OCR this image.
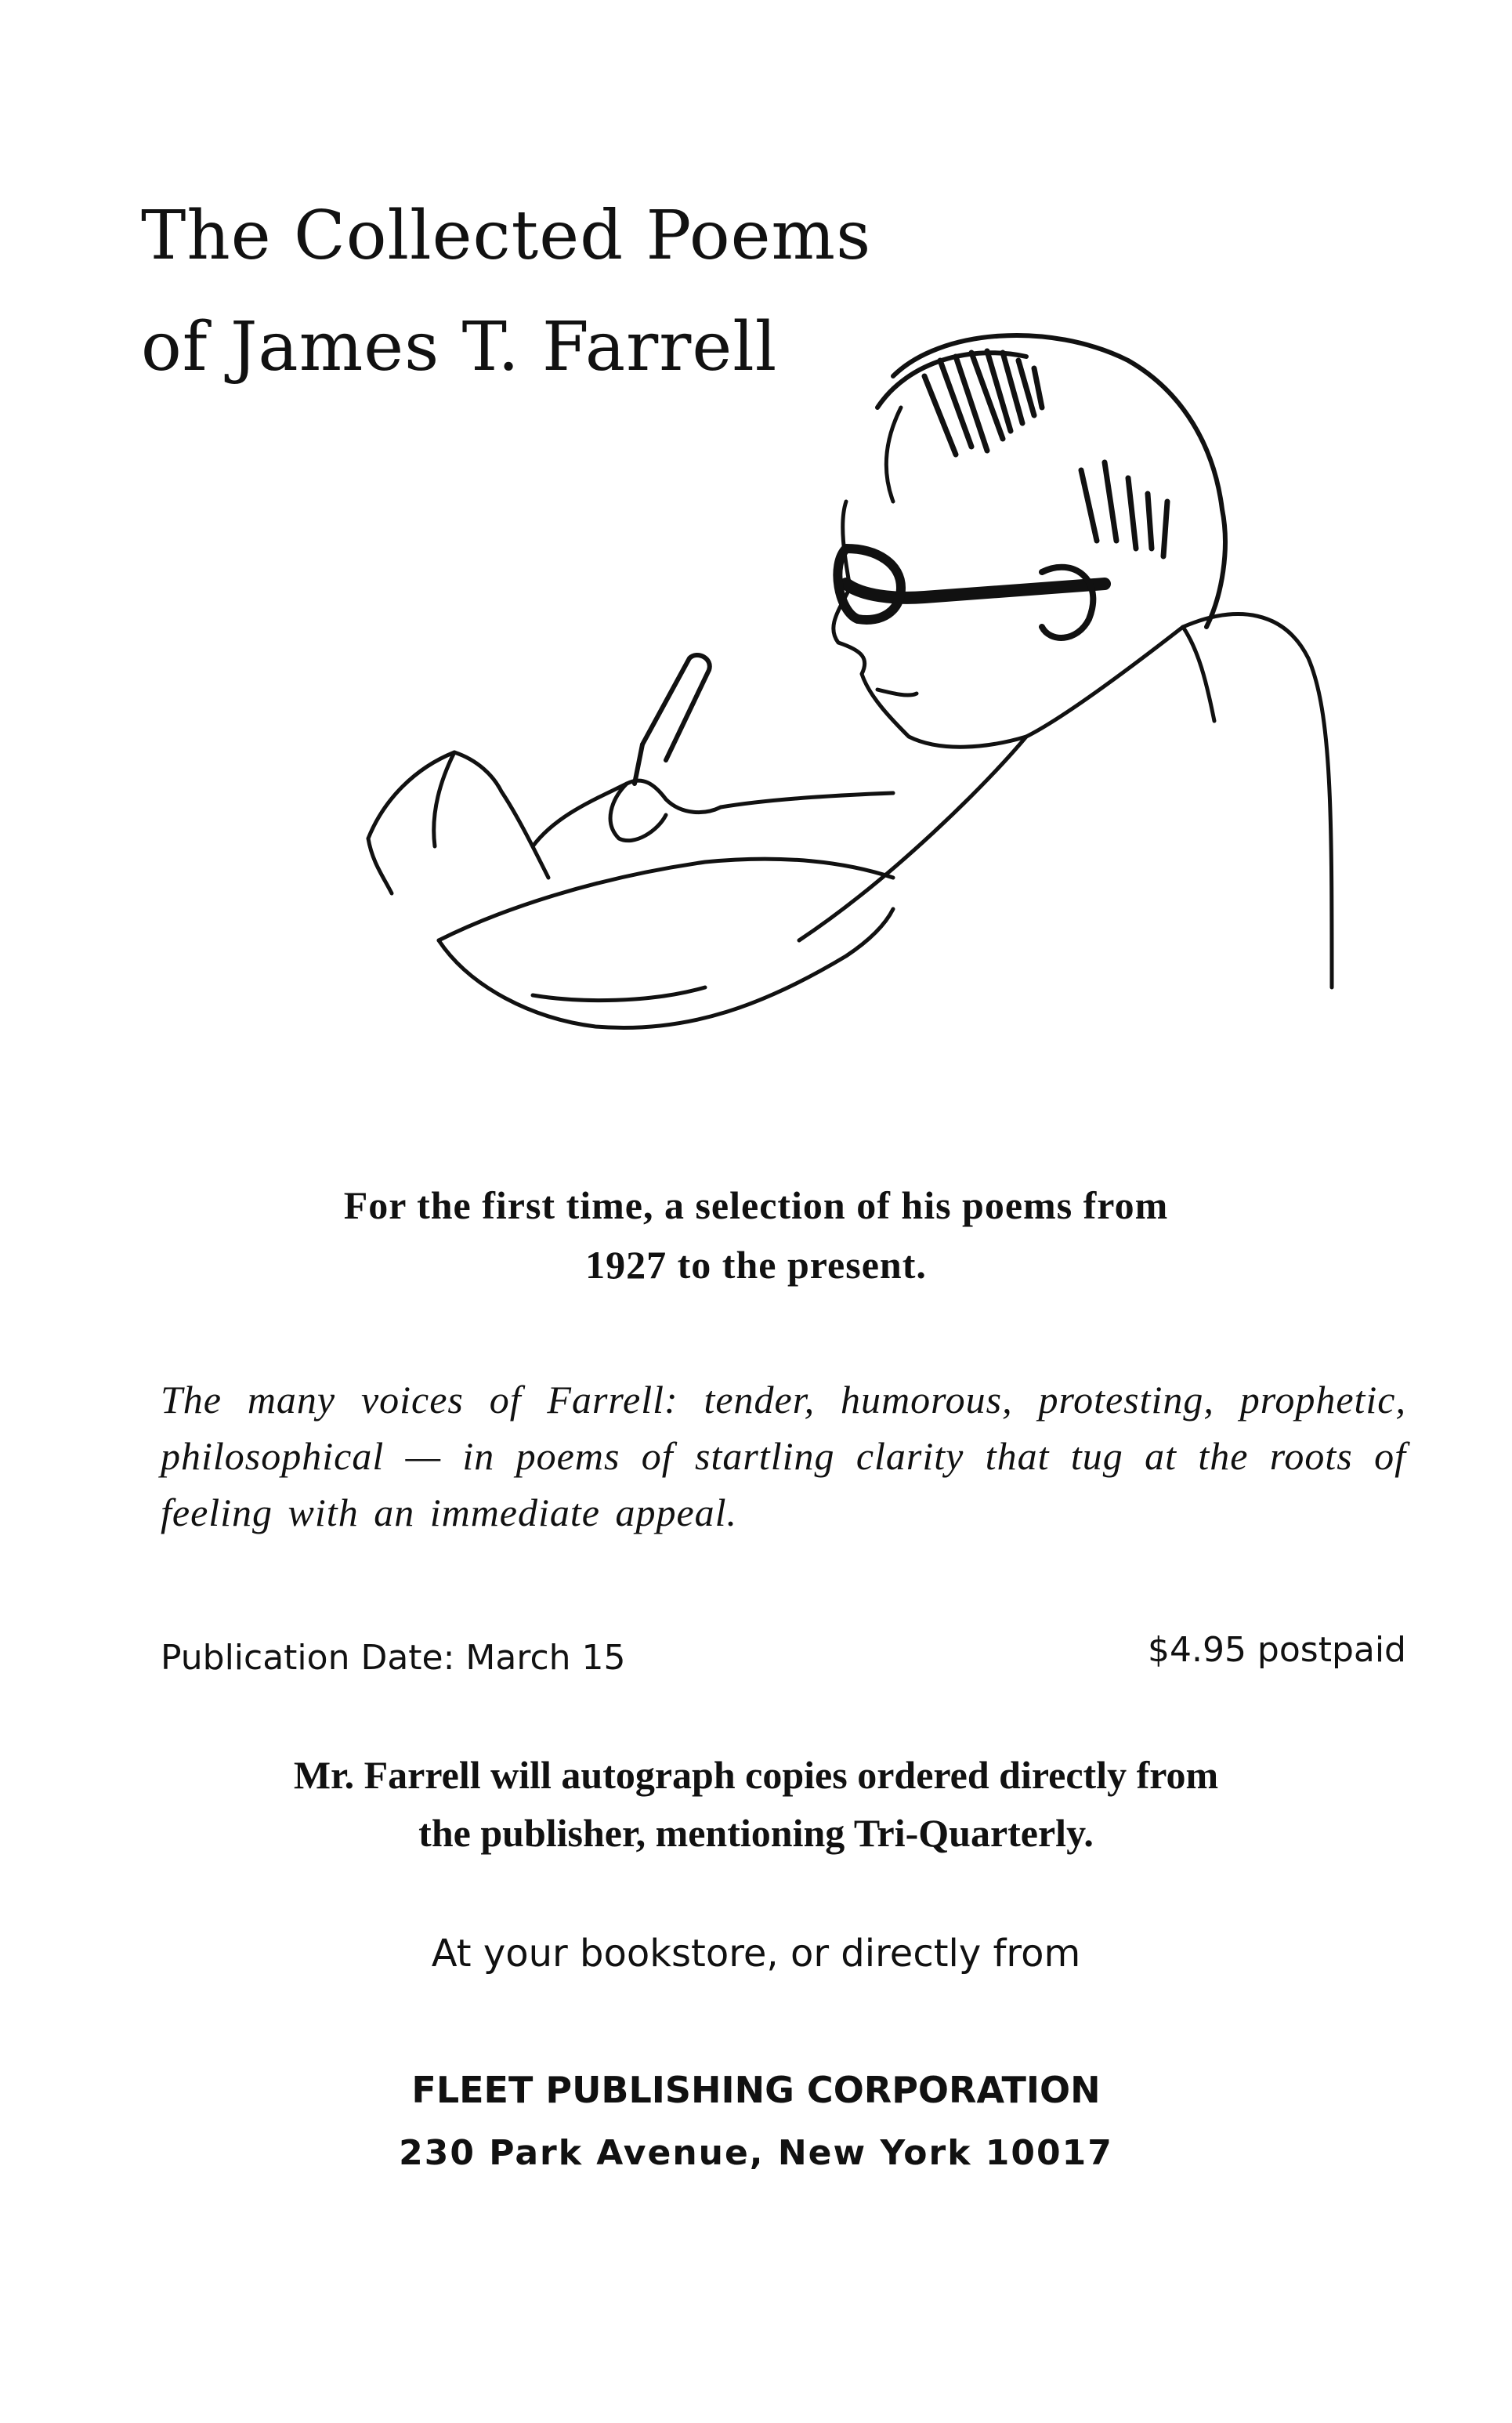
The Collected Poems
of James T. Farrell

For the first time, a selection of his poems from
1927 to the present.

The many voices of Farrell: tender, humorous, protesting, prophetic, philosophical — in poems of startling clarity that tug at the roots of feeling with an immediate appeal.

Publication Date: March 15	$4.95 postpaid

Mr. Farrell will autograph copies ordered directly from
the publisher, mentioning Tri-Quarterly.

At your bookstore, or directly from

FLEET PUBLISHING CORPORATION

230 Park Avenue, New York 10017
